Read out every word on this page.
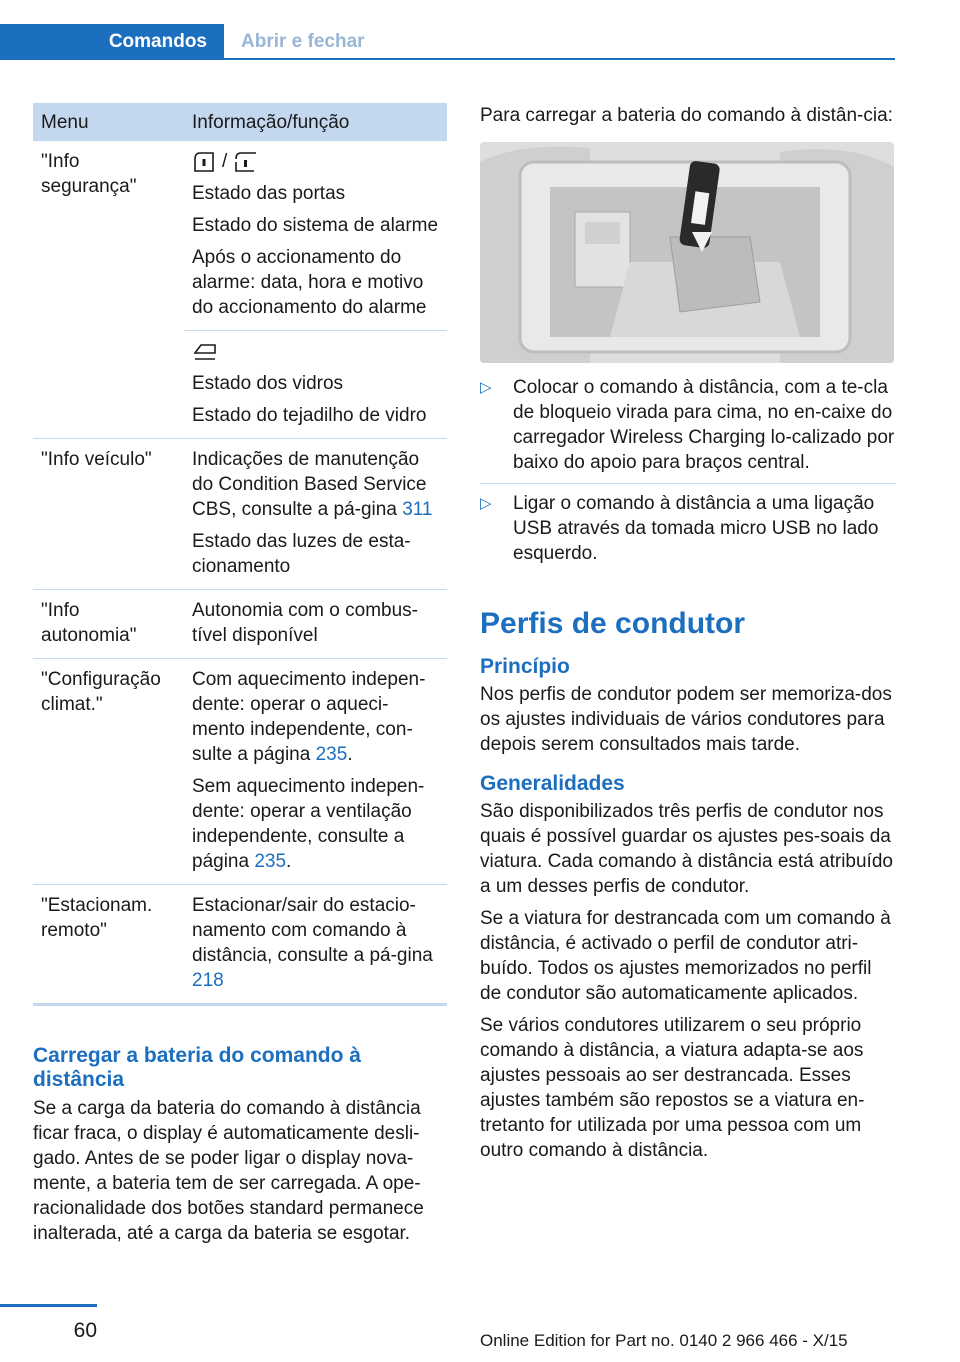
Comandos	Abrir e fechar
Menu	Informação/função
"Info segurança"	/
Estado das portas
Estado do sistema de alarme
Após o accionamento do alarme: data, hora e motivo do accionamento do alarme

	Estado dos vidros
Estado do tejadilho de vidro

"Info veículo"	Indicações de manutenção do Condition Based Service CBS, consulte a pá-gina 311
Estado das luzes de esta-cionamento

"Info autonomia"	Autonomia com o combus-tível disponível

"Configuração climat."	Com aquecimento indepen-dente: operar o aqueci-mento independente, con-sulte a página 235.
Sem aquecimento indepen-dente: operar a ventilação independente, consulte a página 235.

"Estacionam. remoto"	Estacionar/sair do estacio-namento com comando à distância, consulte a pá-gina 218
Carregar a bateria do comando à distância

Se a carga da bateria do comando à distância ficar fraca, o display é automaticamente desli-gado. Antes de se poder ligar o display nova-mente, a bateria tem de ser carregada. A ope-racionalidade dos botões standard permanece inalterada, até a carga da bateria se esgotar.

Para carregar a bateria do comando à distân-cia:

▷ Colocar o comando à distância, com a te-cla de bloqueio virada para cima, no en-caixe do carregador Wireless Charging lo-calizado por baixo do apoio para braços central.
▷ Ligar o comando à distância a uma ligação USB através da tomada micro USB no lado esquerdo.
Perfis de condutor
Princípio

Nos perfis de condutor podem ser memoriza-dos os ajustes individuais de vários condutores para depois serem consultados mais tarde.

Generalidades

São disponibilizados três perfis de condutor nos quais é possível guardar os ajustes pes-soais da viatura. Cada comando à distância está atribuído a um desses perfis de condutor.

Se a viatura for destrancada com um comando à distância, é activado o perfil de condutor atri-buído. Todos os ajustes memorizados no perfil de condutor são automaticamente aplicados.

Se vários condutores utilizarem o seu próprio comando à distância, a viatura adapta-se aos ajustes pessoais ao ser destrancada. Esses ajustes também são repostos se a viatura en-tretanto for utilizada por uma pessoa com um outro comando à distância.

60	Online Edition for Part no. 0140 2 966 466 - X/15
